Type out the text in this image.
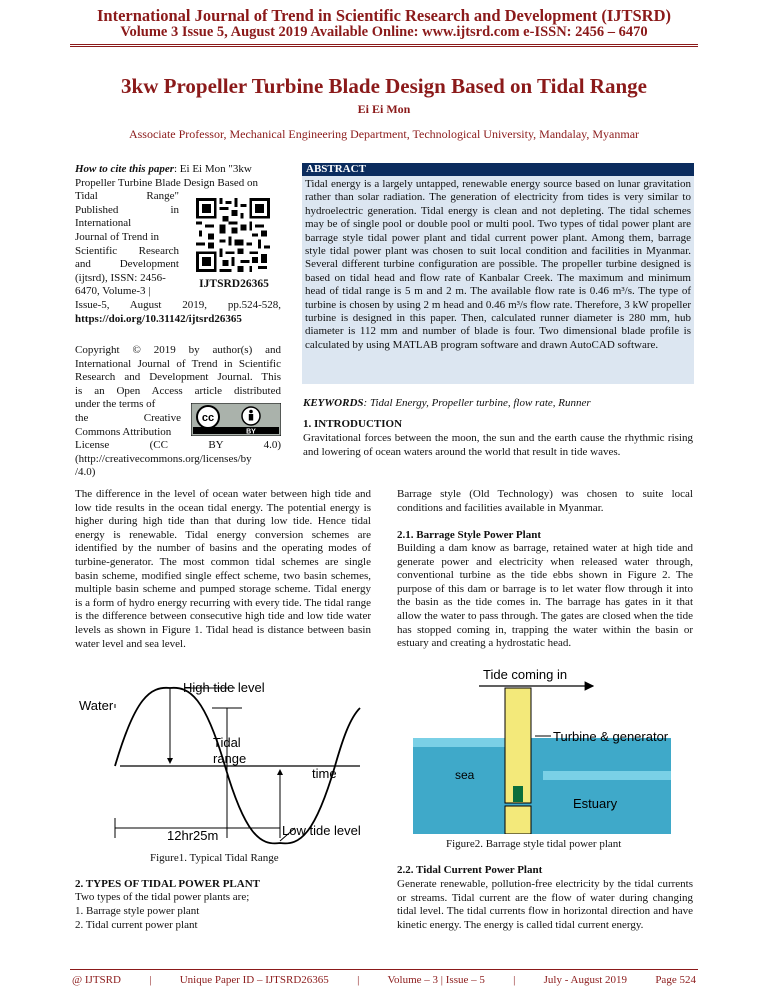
International Journal of Trend in Scientific Research and Development (IJTSRD)
Volume 3 Issue 5, August 2019 Available Online: www.ijtsrd.com e-ISSN: 2456 – 6470
3kw Propeller Turbine Blade Design Based on Tidal Range
Ei Ei Mon
Associate Professor, Mechanical Engineering Department, Technological University, Mandalay, Myanmar
How to cite this paper: Ei Ei Mon "3kw
Propeller Turbine Blade Design Based on
Tidal Range"
Published in
International
Journal of Trend in
Scientific Research
and Development
(ijtsrd), ISSN: 2456-
6470, Volume-3 |
Issue-5, August 2019, pp.524-528,
https://doi.org/10.31142/ijtsrd26365
IJTSRD26365
Copyright © 2019 by author(s) and
International Journal of Trend in Scientific
Research and Development Journal. This
is an Open Access article distributed
under the terms of
the Creative
Commons Attribution
License (CC BY 4.0)
(http://creativecommons.org/licenses/by
/4.0)
cc
BY
ABSTRACT
Tidal energy is a largely untapped, renewable energy source based on lunar gravitation rather than solar radiation. The generation of electricity from tides is very similar to hydroelectric generation. Tidal energy is clean and not depleting. The tidal schemes may be of single pool or double pool or multi pool. Two types of tidal power plant are barrage style tidal power plant and tidal current power plant. Among them, barrage style tidal power plant was chosen to suit local condition and facilities in Myanmar. Several different turbine configuration are possible. The propeller turbine designed is based on tidal head and flow rate of Kanbalar Creek. The maximum and minimum head of tidal range is 5 m and 2 m. The available flow rate is 0.46 m³/s. The type of turbine is chosen by using 2 m head and 0.46 m³/s flow rate. Therefore, 3 kW propeller turbine is designed in this paper. Then, calculated runner diameter is 280 mm, hub diameter is 112 mm and number of blade is four. Two dimensional blade profile is calculated by using MATLAB program software and drawn AutoCAD software.
KEYWORDS: Tidal Energy, Propeller turbine, flow rate, Runner
1. INTRODUCTION
Gravitational forces between the moon, the sun and the earth cause the rhythmic rising and lowering of ocean waters around the world that result in tide waves.
The difference in the level of ocean water between high tide and low tide results in the ocean tidal energy. The potential energy is higher during high tide than that during low tide. Hence tidal energy is renewable. Tidal energy conversion schemes are identified by the number of basins and the operating modes of turbine-generator. The most common tidal schemes are single basin scheme, modified single effect scheme, two basin schemes, multiple basin scheme and pumped storage scheme. Tidal energy is a form of hydro energy recurring with every tide. The tidal range is the difference between consecutive high tide and low tide water levels as shown in Figure 1. Tidal head is distance between basin water level and sea level.
Water
High tide level
Tidal
range
time
12hr25m	Low tide level
Figure1. Typical Tidal Range
2. TYPES OF TIDAL POWER PLANT
Two types of the tidal power plants are;
1. Barrage style power plant
2. Tidal current power plant
Barrage style (Old Technology) was chosen to suite local conditions and facilities available in Myanmar.
2.1. Barrage Style Power Plant
Building a dam know as barrage, retained water at high tide and generate power and electricity when released water through, conventional turbine as the tide ebbs shown in Figure 2. The purpose of this dam or barrage is to let water flow through it into the basin as the tide comes in. The barrage has gates in it that allow the water to pass through. The gates are closed when the tide has stopped coming in, trapping the water within the basin or estuary and creating a hydrostatic head.
Tide coming in
Turbine & generator
sea
Estuary
Figure2. Barrage style tidal power plant
2.2. Tidal Current Power Plant
Generate renewable, pollution-free electricity by the tidal currents or streams. Tidal current are the flow of water during changing tidal level. The tidal currents flow in horizontal direction and have kinetic energy. The energy is called tidal current energy.
@ IJTSRD	|	Unique Paper ID – IJTSRD26365	|	Volume – 3 | Issue – 5	|	July - August 2019	Page 524
